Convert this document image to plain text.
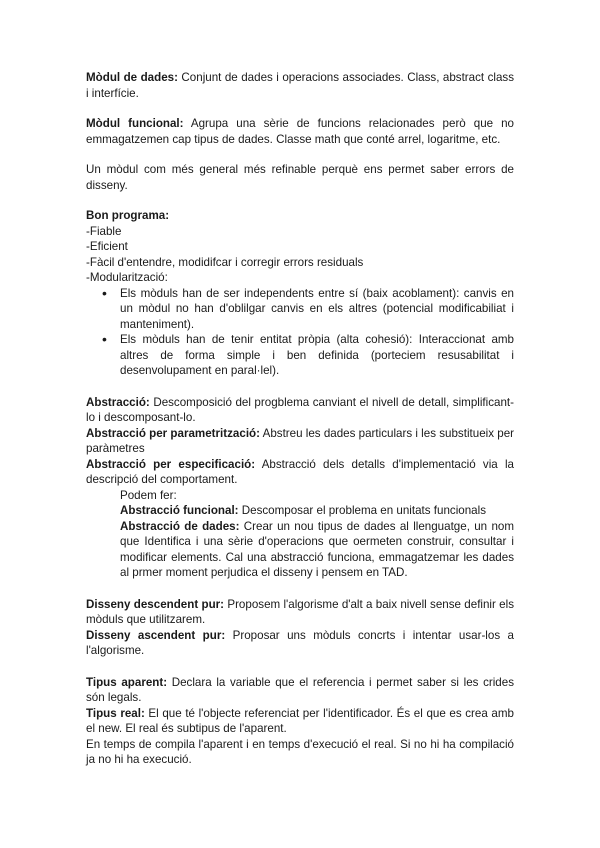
Mòdul de dades: Conjunt de dades i operacions associades. Class, abstract class i interfície.

Mòdul funcional: Agrupa una sèrie de funcions relacionades però que no emmagatzemen cap tipus de dades. Classe math que conté arrel, logaritme, etc.

Un mòdul com més general més refinable perquè ens permet saber errors de disseny.

Bon programa:

-Fiable

-Eficient

-Fàcil d'entendre, modidifcar i corregir errors residuals

-Modularització:

• Els mòduls han de ser independents entre sí (baix acoblament): canvis en un mòdul no han d'oblilgar canvis en els altres (potencial modificabiliat i manteniment).
• Els mòduls han de tenir entitat pròpia (alta cohesió): Interaccionat amb altres de forma simple i ben definida (porteciem resusabilitat i desenvolupament en paral·lel).

Abstracció: Descomposició del progblema canviant el nivell de detall, simplificant-lo i descomposant-lo.

Abstracció per parametrització: Abstreu les dades particulars i les substitueix per paràmetres

Abstracció per especificació: Abstracció dels detalls d'implementació via la descripció del comportament.

Podem fer:

Abstracció funcional: Descomposar el problema en unitats funcionals

Abstracció de dades: Crear un nou tipus de dades al llenguatge, un nom que Identifica i una sèrie d'operacions que oermeten construir, consultar i modificar elements. Cal una abstracció funciona, emmagatzemar les dades al prmer moment perjudica el disseny i pensem en TAD.

Disseny descendent pur: Proposem l'algorisme d'alt a baix nivell sense definir els mòduls que utilitzarem.

Disseny ascendent pur: Proposar uns mòduls concrts i intentar usar-los a l'algorisme.

Tipus aparent: Declara la variable que el referencia i permet saber si les crides són legals.

Tipus real: El que té l'objecte referenciat per l'identificador. És el que es crea amb el new. El real és subtipus de l'aparent.

En temps de compila l'aparent i en temps d'execució el real. Si no hi ha compilació ja no hi ha execució.
